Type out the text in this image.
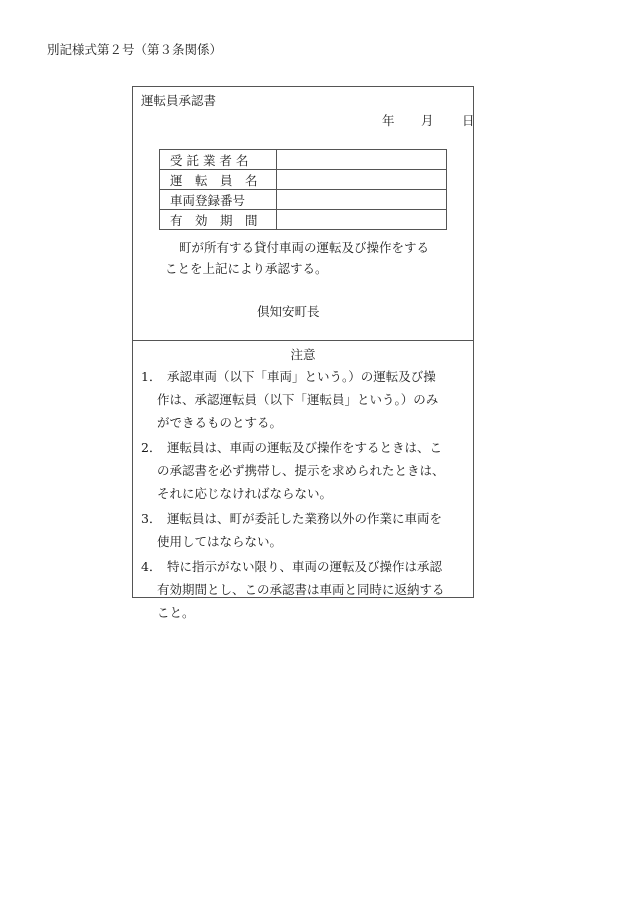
別記様式第２号（第３条関係）
運転員承認書
年 月 日
受 託 業 者 名	
運　転　員　名	
車両登録番号	
有　効　期　間	
町が所有する貸付車両の運転及び操作をする
ことを上記により承認する。
倶知安町長
注意
1． 承認車両（以下「車両」という。）の運転及び操
作は、承認運転員（以下「運転員」という。）のみ
ができるものとする。
2． 運転員は、車両の運転及び操作をするときは、こ
の承認書を必ず携帯し、提示を求められたときは、
それに応じなければならない。
3． 運転員は、町が委託した業務以外の作業に車両を
使用してはならない。
4． 特に指示がない限り、車両の運転及び操作は承認
有効期間とし、この承認書は車両と同時に返納する
こと。
